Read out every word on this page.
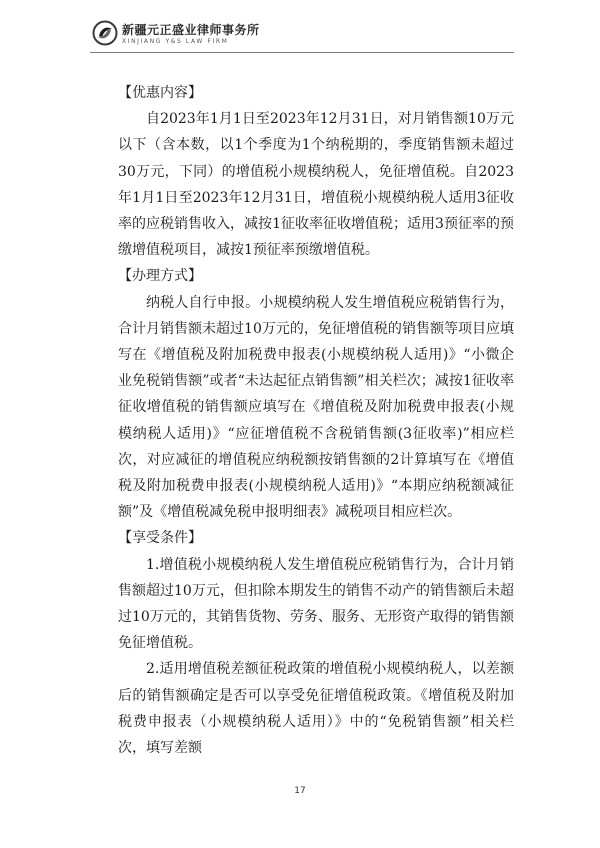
新疆元正盛业律师事务所
XINJIANG Y&S LAW FIRM

【优惠内容】

自2023年1月1日至2023年12月31日，对月销售额10万元以下（含本数，以1个季度为1个纳税期的，季度销售额未超过30万元，下同）的增值税小规模纳税人，免征增值税。自2023年1月1日至2023年12月31日，增值税小规模纳税人适用3征收率的应税销售收入，减按1征收率征收增值税；适用3预征率的预缴增值税项目，减按1预征率预缴增值税。

【办理方式】

纳税人自行申报。小规模纳税人发生增值税应税销售行为，合计月销售额未超过10万元的，免征增值税的销售额等项目应填写在《增值税及附加税费申报表(小规模纳税人适用)》“小微企业免税销售额”或者“未达起征点销售额”相关栏次；减按1征收率征收增值税的销售额应填写在《增值税及附加税费申报表(小规模纳税人适用)》“应征增值税不含税销售额(3征收率)”相应栏次，对应减征的增值税应纳税额按销售额的2计算填写在《增值税及附加税费申报表(小规模纳税人适用)》“本期应纳税额减征额”及《增值税减免税申报明细表》减税项目相应栏次。

【享受条件】

1.增值税小规模纳税人发生增值税应税销售行为，合计月销售额超过10万元，但扣除本期发生的销售不动产的销售额后未超过10万元的，其销售货物、劳务、服务、无形资产取得的销售额免征增值税。

2.适用增值税差额征税政策的增值税小规模纳税人，以差额后的销售额确定是否可以享受免征增值税政策。《增值税及附加税费申报表（小规模纳税人适用）》中的“免税销售额”相关栏次，填写差额

17
